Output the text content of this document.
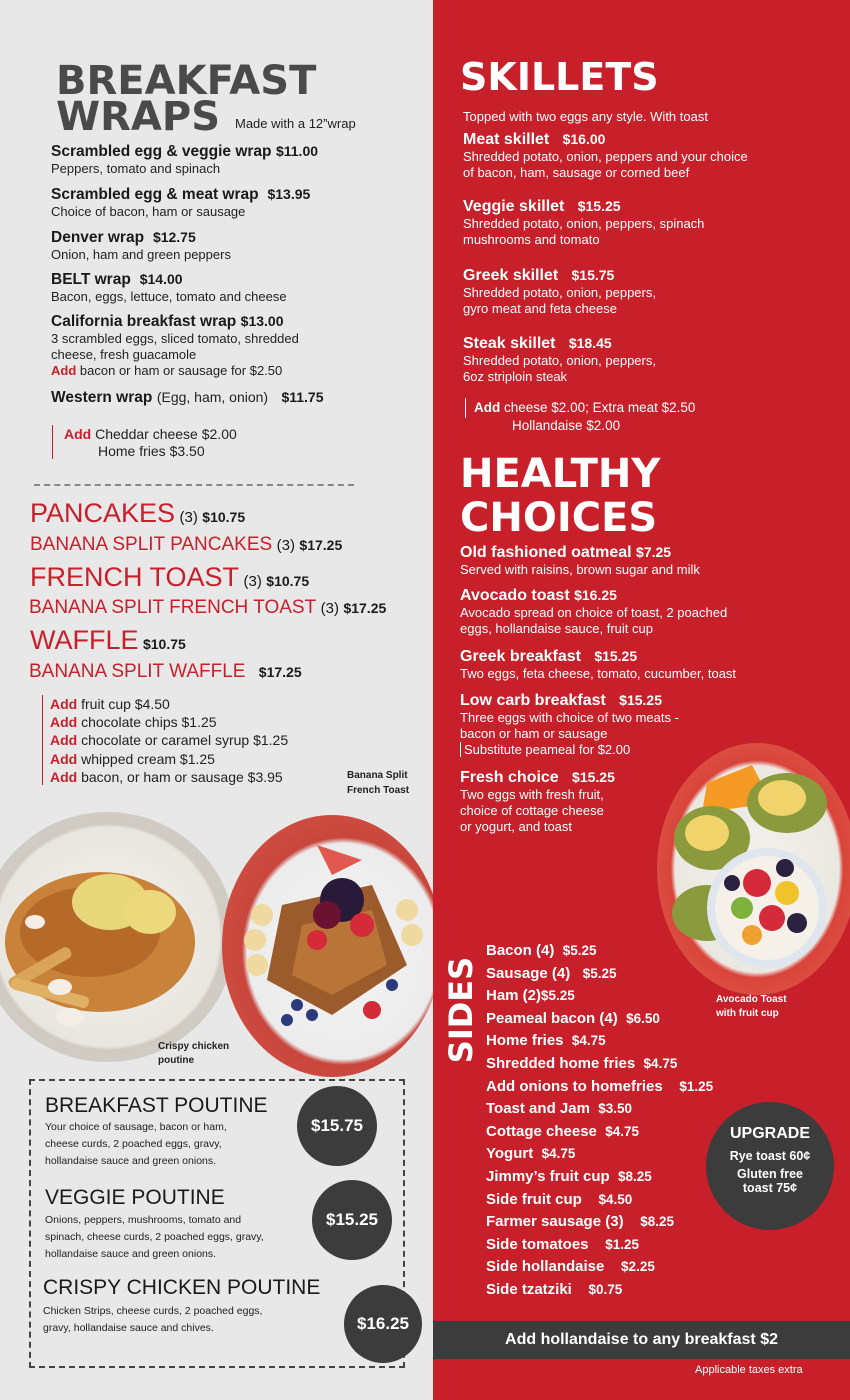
BREAKFAST
WRAPS Made with a 12”wrap
Scrambled egg & veggie wrap $11.00
Peppers, tomato and spinach
Scrambled egg & meat wrap $13.95
Choice of bacon, ham or sausage
Denver wrap $12.75
Onion, ham and green peppers
BELT wrap $14.00
Bacon, eggs, lettuce, tomato and cheese
California breakfast wrap $13.00
3 scrambled eggs, sliced tomato, shredded
cheese, fresh guacamole
Add bacon or ham or sausage for $2.50
Western wrap (Egg, ham, onion) $11.75
Add Cheddar cheese $2.00
Home fries $3.50
PANCAKES (3) $10.75
BANANA SPLIT PANCAKES (3) $17.25
FRENCH TOAST (3) $10.75
BANANA SPLIT FRENCH TOAST (3) $17.25
WAFFLE $10.75
BANANA SPLIT WAFFLE $17.25
Add fruit cup $4.50
Add chocolate chips $1.25
Add chocolate or caramel syrup $1.25
Add whipped cream $1.25
Add bacon, or ham or sausage $3.95	Banana Split
French Toast
Crispy chicken
poutine
BREAKFAST POUTINE
Your choice of sausage, bacon or ham,
cheese curds, 2 poached eggs, gravy,
hollandaise sauce and green onions.
$15.75
VEGGIE POUTINE
Onions, peppers, mushrooms, tomato and
spinach, cheese curds, 2 poached eggs, gravy,
hollandaise sauce and green onions.
$15.25
CRISPY CHICKEN POUTINE
Chicken Strips, cheese curds, 2 poached eggs,
gravy, hollandaise sauce and chives.	$16.25
SKILLETS
Topped with two eggs any style. With toast
Meat skillet $16.00
Shredded potato, onion, peppers and your choice
of bacon, ham, sausage or corned beef
Veggie skillet $15.25
Shredded potato, onion, peppers, spinach
mushrooms and tomato
Greek skillet $15.75
Shredded potato, onion, peppers,
gyro meat and feta cheese
Steak skillet $18.45
Shredded potato, onion, peppers,
6oz striploin steak
Add cheese $2.00; Extra meat $2.50
Hollandaise $2.00
HEALTHY
CHOICES
Old fashioned oatmeal $7.25
Served with raisins, brown sugar and milk
Avocado toast $16.25
Avocado spread on choice of toast, 2 poached
eggs, hollandaise sauce, fruit cup
Greek breakfast $15.25
Two eggs, feta cheese, tomato, cucumber, toast
Low carb breakfast $15.25
Three eggs with choice of two meats -
bacon or ham or sausage
Substitute peameal for $2.00
Fresh choice $15.25
Two eggs with fresh fruit,
choice of cottage cheese
or yogurt, and toast
Avocado Toast
with fruit cup
SIDES
Bacon (4) $5.25
Sausage (4) $5.25
Ham (2)$5.25
Peameal bacon (4) $6.50
Home fries $4.75
Shredded home fries $4.75
Add onions to homefries $1.25
Toast and Jam $3.50
Cottage cheese $4.75
Yogurt $4.75
Jimmy’s fruit cup $8.25
Side fruit cup $4.50
Farmer sausage (3) $8.25
Side tomatoes $1.25
Side hollandaise $2.25
Side tzatziki $0.75
UPGRADE
Rye toast 60¢
Gluten free
toast 75¢
Add hollandaise to any breakfast $2
Applicable taxes extra
